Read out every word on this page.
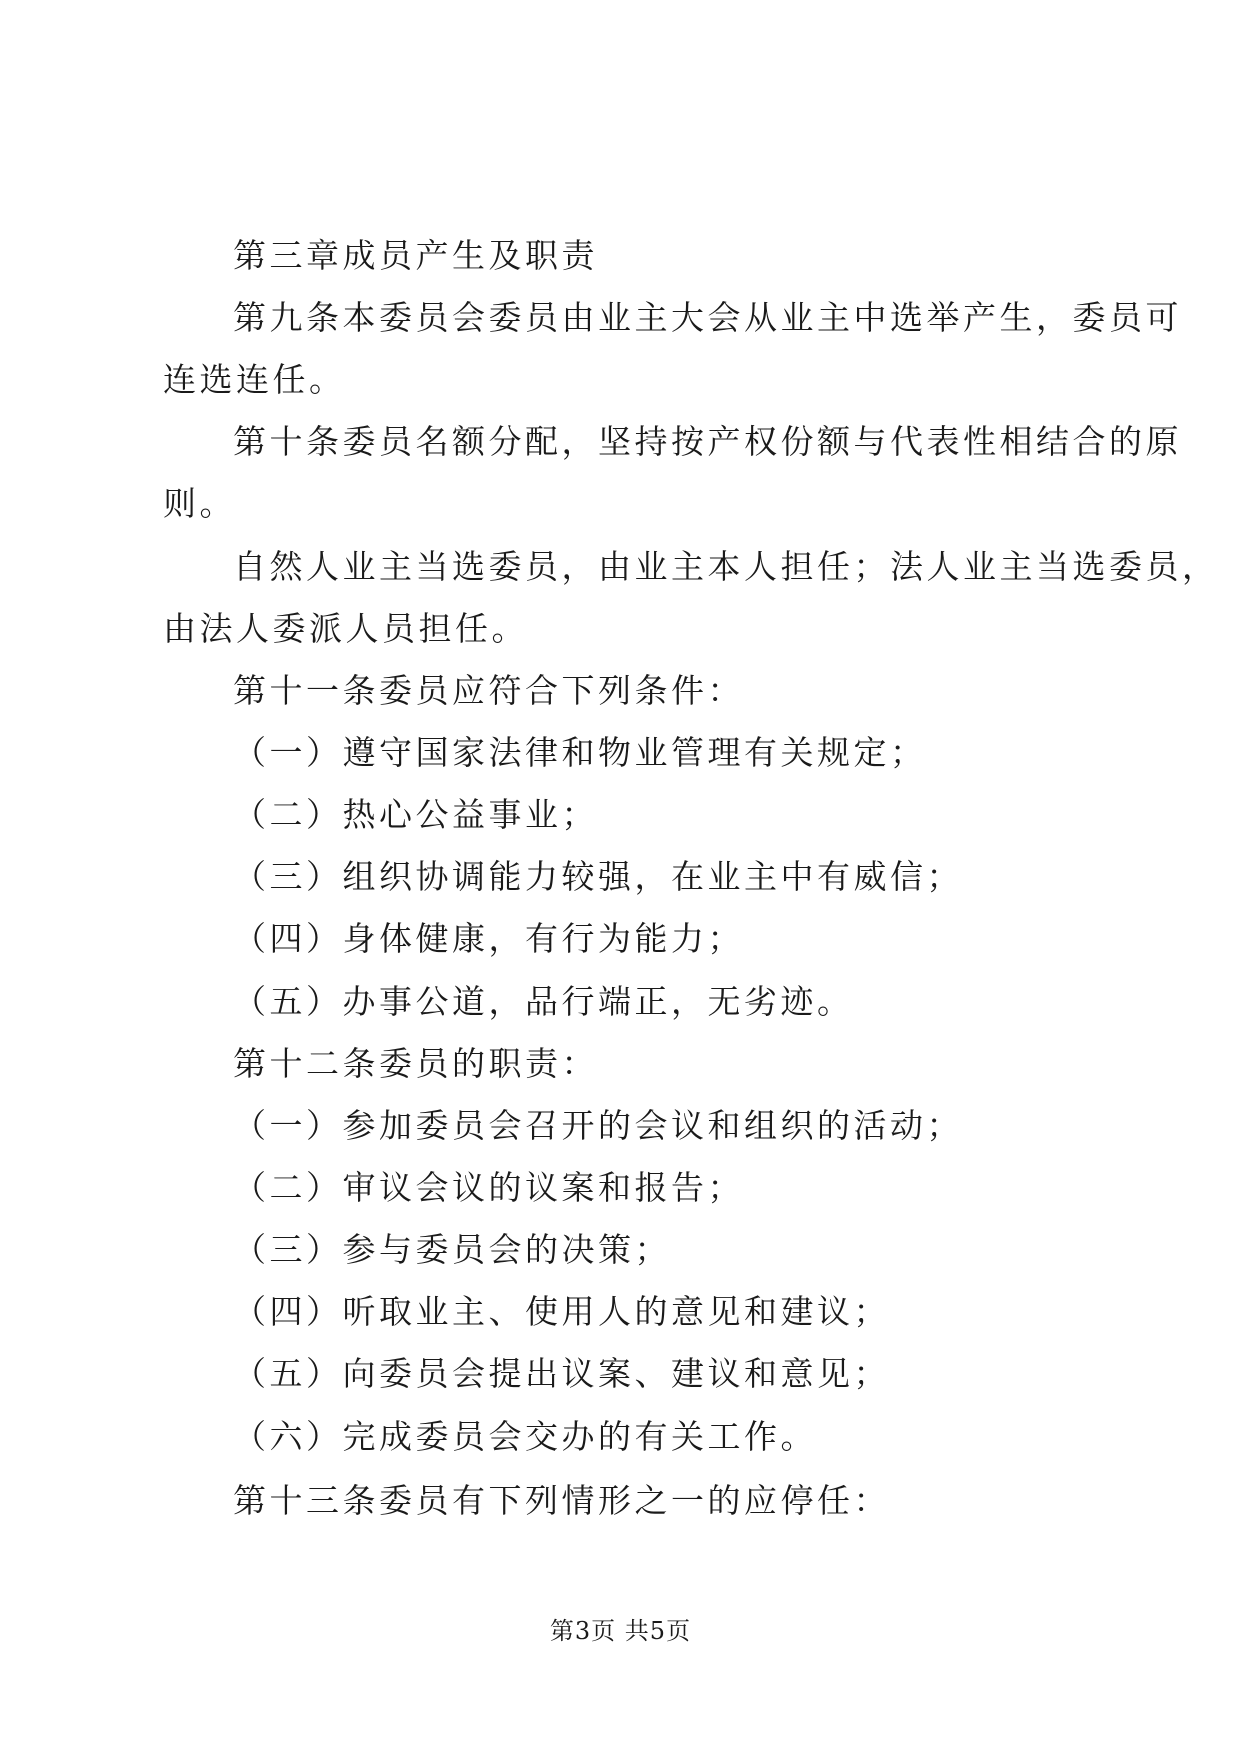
第三章成员产生及职责
第九条本委员会委员由业主大会从业主中选举产生，委员可
连选连任。
第十条委员名额分配，坚持按产权份额与代表性相结合的原
则。
自然人业主当选委员，由业主本人担任；法人业主当选委员，
由法人委派人员担任。
第十一条委员应符合下列条件：
（一）遵守国家法律和物业管理有关规定；
（二）热心公益事业；
（三）组织协调能力较强，在业主中有威信；
（四）身体健康，有行为能力；
（五）办事公道，品行端正，无劣迹。
第十二条委员的职责：
（一）参加委员会召开的会议和组织的活动；
（二）审议会议的议案和报告；
（三）参与委员会的决策；
（四）听取业主、使用人的意见和建议；
（五）向委员会提出议案、建议和意见；
（六）完成委员会交办的有关工作。
第十三条委员有下列情形之一的应停任：
第3页 共5页
